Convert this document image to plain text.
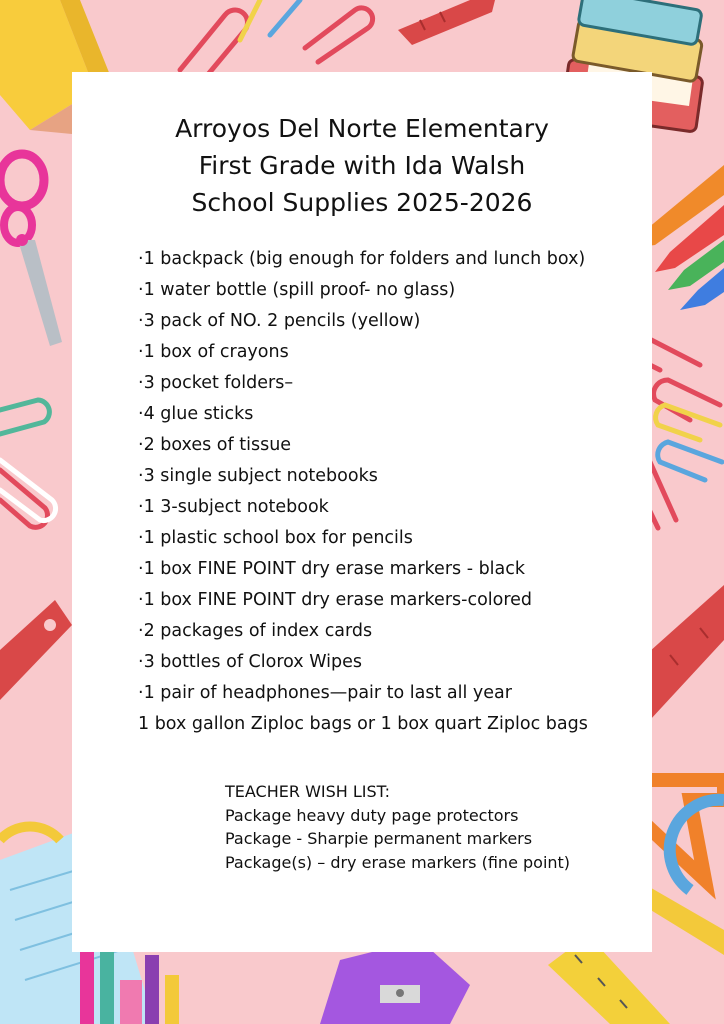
Arroyos Del Norte Elementary
First Grade with Ida Walsh
School Supplies 2025-2026
·1 backpack (big enough for folders and lunch box)
·1 water bottle (spill proof- no glass)
·3 pack of NO. 2 pencils (yellow)
·1 box of crayons
·3 pocket folders–
·4 glue sticks
·2 boxes of tissue
·3 single subject notebooks
·1 3-subject notebook
·1 plastic school box for pencils
·1 box FINE POINT dry erase markers - black
·1 box FINE POINT dry erase markers-colored
·2 packages of index cards
·3 bottles of Clorox Wipes
·1 pair of headphones—pair to last all year
1 box gallon Ziploc bags or 1 box quart Ziploc bags
TEACHER WISH LIST:
Package heavy duty page protectors
Package - Sharpie permanent markers
Package(s) – dry erase markers (fine point)
